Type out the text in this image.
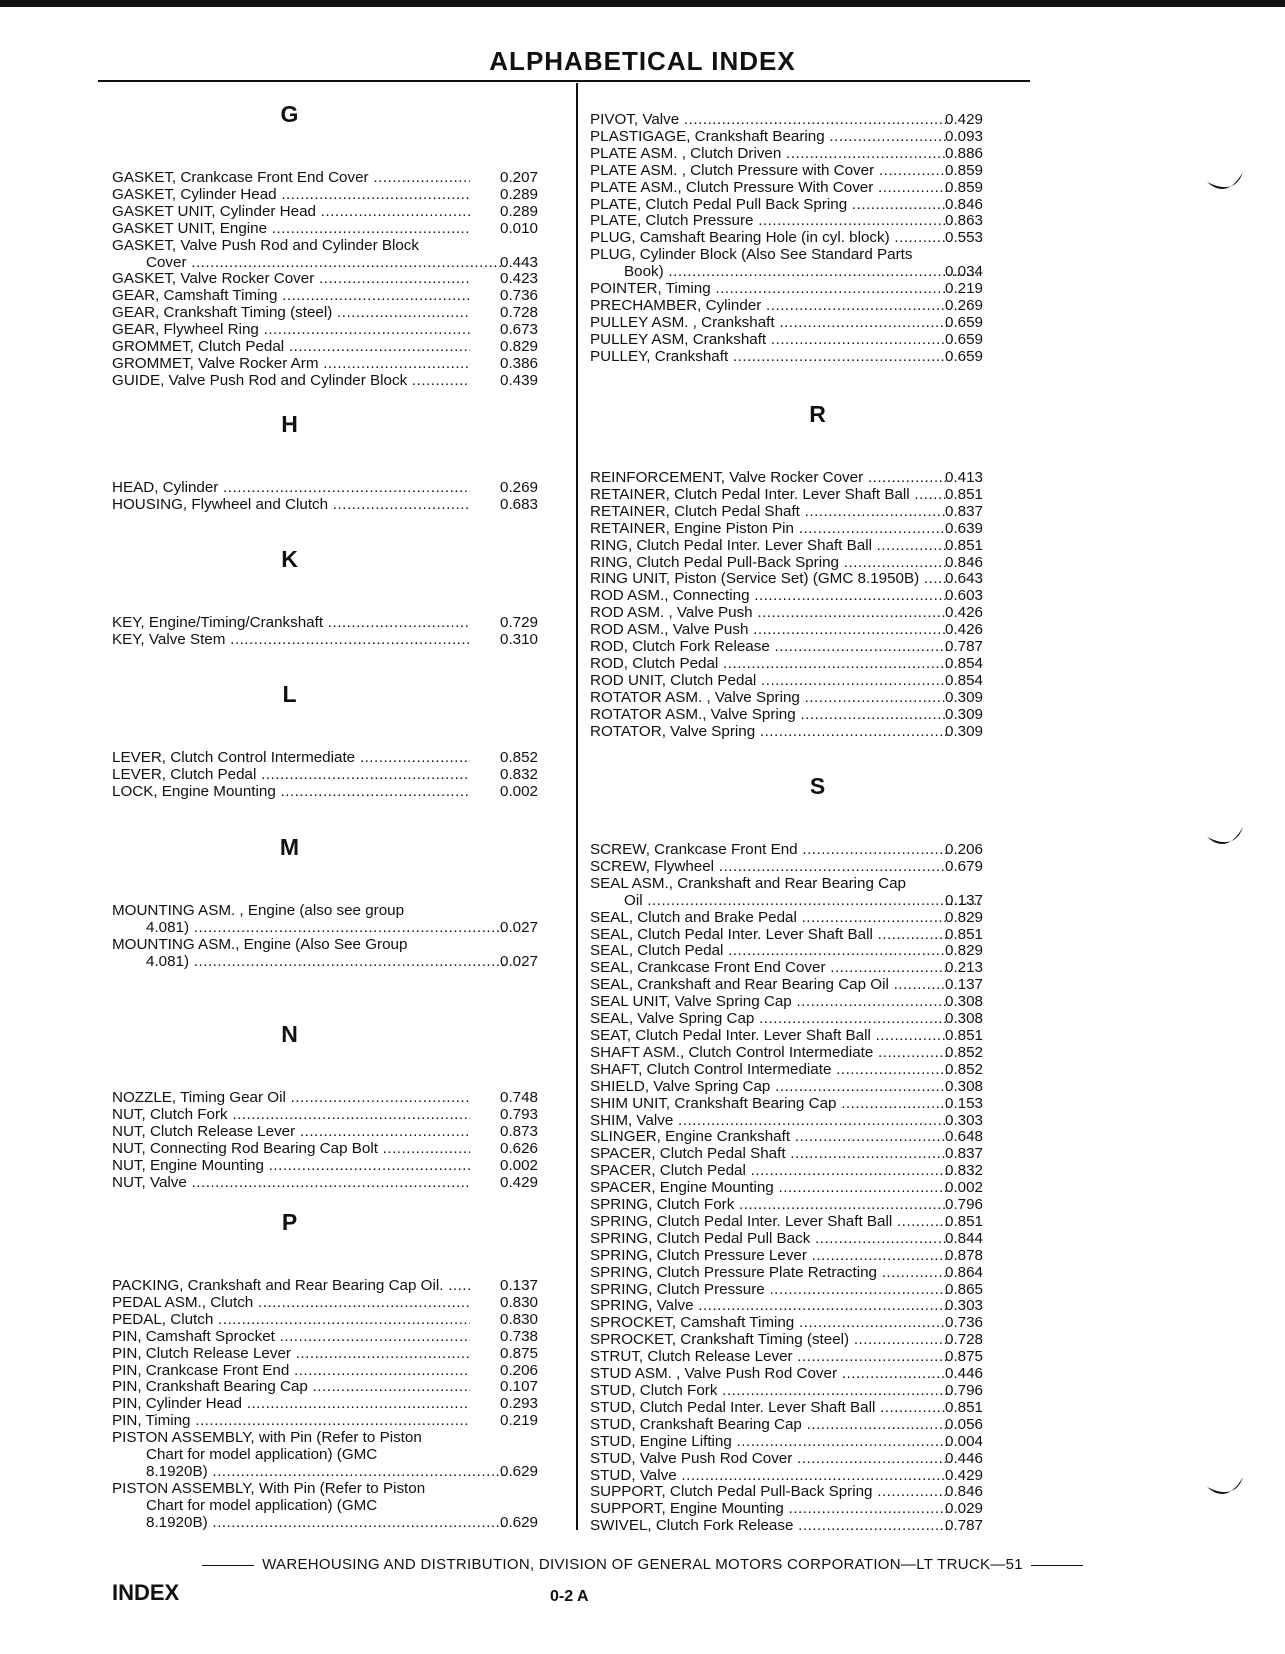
ALPHABETICAL INDEX
G
GASKET, Crankcase Front End Cover .....	0.207
GASKET, Cylinder Head .....	0.289
GASKET UNIT, Cylinder Head .....	0.289
GASKET UNIT, Engine .....	0.010
GASKET, Valve Push Rod and Cylinder Block
Cover .....	0.443
GASKET, Valve Rocker Cover .....	0.423
GEAR, Camshaft Timing .....	0.736
GEAR, Crankshaft Timing (steel) .....	0.728
GEAR, Flywheel Ring .....	0.673
GROMMET, Clutch Pedal .....	0.829
GROMMET, Valve Rocker Arm .....	0.386
GUIDE, Valve Push Rod and Cylinder Block .....	0.439
H
HEAD, Cylinder .....	0.269
HOUSING, Flywheel and Clutch .....	0.683
K
KEY, Engine/Timing/Crankshaft .....	0.729
KEY, Valve Stem .....	0.310
L
LEVER, Clutch Control Intermediate .....	0.852
LEVER, Clutch Pedal .....	0.832
LOCK, Engine Mounting .....	0.002
M
MOUNTING ASM. , Engine (also see group
4.081) .....	0.027
MOUNTING ASM., Engine (Also See Group
4.081) .....	0.027
N
NOZZLE, Timing Gear Oil .....	0.748
NUT, Clutch Fork .....	0.793
NUT, Clutch Release Lever .....	0.873
NUT, Connecting Rod Bearing Cap Bolt .....	0.626
NUT, Engine Mounting .....	0.002
NUT, Valve .....	0.429
P
PACKING, Crankshaft and Rear Bearing Cap Oil. .....	0.137
PEDAL ASM., Clutch .....	0.830
PEDAL, Clutch .....	0.830
PIN, Camshaft Sprocket .....	0.738
PIN, Clutch Release Lever .....	0.875
PIN, Crankcase Front End .....	0.206
PIN, Crankshaft Bearing Cap .....	0.107
PIN, Cylinder Head .....	0.293
PIN, Timing .....	0.219
PISTON ASSEMBLY, with Pin (Refer to Piston
Chart for model application) (GMC
8.1920B) .....	0.629
PISTON ASSEMBLY, With Pin (Refer to Piston
Chart for model application) (GMC
8.1920B) .....	0.629
PIVOT, Valve .....	0.429
PLASTIGAGE, Crankshaft Bearing .....	0.093
PLATE ASM. , Clutch Driven .....	0.886
PLATE ASM. , Clutch Pressure with Cover .....	0.859
PLATE ASM., Clutch Pressure With Cover .....	0.859
PLATE, Clutch Pedal Pull Back Spring .....	0.846
PLATE, Clutch Pressure .....	0.863
PLUG, Camshaft Bearing Hole (in cyl. block) .....	0.553
PLUG, Cylinder Block (Also See Standard Parts
Book) .....	0.034
POINTER, Timing .....	0.219
PRECHAMBER, Cylinder .....	0.269
PULLEY ASM. , Crankshaft .....	0.659
PULLEY ASM, Crankshaft .....	0.659
PULLEY, Crankshaft .....	0.659
R
REINFORCEMENT, Valve Rocker Cover .....	0.413
RETAINER, Clutch Pedal Inter. Lever Shaft Ball .....	0.851
RETAINER, Clutch Pedal Shaft .....	0.837
RETAINER, Engine Piston Pin .....	0.639
RING, Clutch Pedal Inter. Lever Shaft Ball .....	0.851
RING, Clutch Pedal Pull-Back Spring .....	0.846
RING UNIT, Piston (Service Set) (GMC 8.1950B) .....	0.643
ROD ASM., Connecting .....	0.603
ROD ASM. , Valve Push .....	0.426
ROD ASM., Valve Push .....	0.426
ROD, Clutch Fork Release .....	0.787
ROD, Clutch Pedal .....	0.854
ROD UNIT, Clutch Pedal .....	0.854
ROTATOR ASM. , Valve Spring .....	0.309
ROTATOR ASM., Valve Spring .....	0.309
ROTATOR, Valve Spring .....	0.309
S
SCREW, Crankcase Front End .....	0.206
SCREW, Flywheel .....	0.679
SEAL ASM., Crankshaft and Rear Bearing Cap
Oil .....	0.137
SEAL, Clutch and Brake Pedal .....	0.829
SEAL, Clutch Pedal Inter. Lever Shaft Ball .....	0.851
SEAL, Clutch Pedal .....	0.829
SEAL, Crankcase Front End Cover .....	0.213
SEAL, Crankshaft and Rear Bearing Cap Oil .....	0.137
SEAL UNIT, Valve Spring Cap .....	0.308
SEAL, Valve Spring Cap .....	0.308
SEAT, Clutch Pedal Inter. Lever Shaft Ball .....	0.851
SHAFT ASM., Clutch Control Intermediate .....	0.852
SHAFT, Clutch Control Intermediate .....	0.852
SHIELD, Valve Spring Cap .....	0.308
SHIM UNIT, Crankshaft Bearing Cap .....	0.153
SHIM, Valve .....	0.303
SLINGER, Engine Crankshaft .....	0.648
SPACER, Clutch Pedal Shaft .....	0.837
SPACER, Clutch Pedal .....	0.832
SPACER, Engine Mounting .....	0.002
SPRING, Clutch Fork .....	0.796
SPRING, Clutch Pedal Inter. Lever Shaft Ball .....	0.851
SPRING, Clutch Pedal Pull Back .....	0.844
SPRING, Clutch Pressure Lever .....	0.878
SPRING, Clutch Pressure Plate Retracting .....	0.864
SPRING, Clutch Pressure .....	0.865
SPRING, Valve .....	0.303
SPROCKET, Camshaft Timing .....	0.736
SPROCKET, Crankshaft Timing (steel) .....	0.728
STRUT, Clutch Release Lever .....	0.875
STUD ASM. , Valve Push Rod Cover .....	0.446
STUD, Clutch Fork .....	0.796
STUD, Clutch Pedal Inter. Lever Shaft Ball .....	0.851
STUD, Crankshaft Bearing Cap .....	0.056
STUD, Engine Lifting .....	0.004
STUD, Valve Push Rod Cover .....	0.446
STUD, Valve .....	0.429
SUPPORT, Clutch Pedal Pull-Back Spring .....	0.846
SUPPORT, Engine Mounting .....	0.029
SWIVEL, Clutch Fork Release .....	0.787
WAREHOUSING AND DISTRIBUTION, DIVISION OF GENERAL MOTORS CORPORATION—LT TRUCK—51
INDEX	0-2 A
